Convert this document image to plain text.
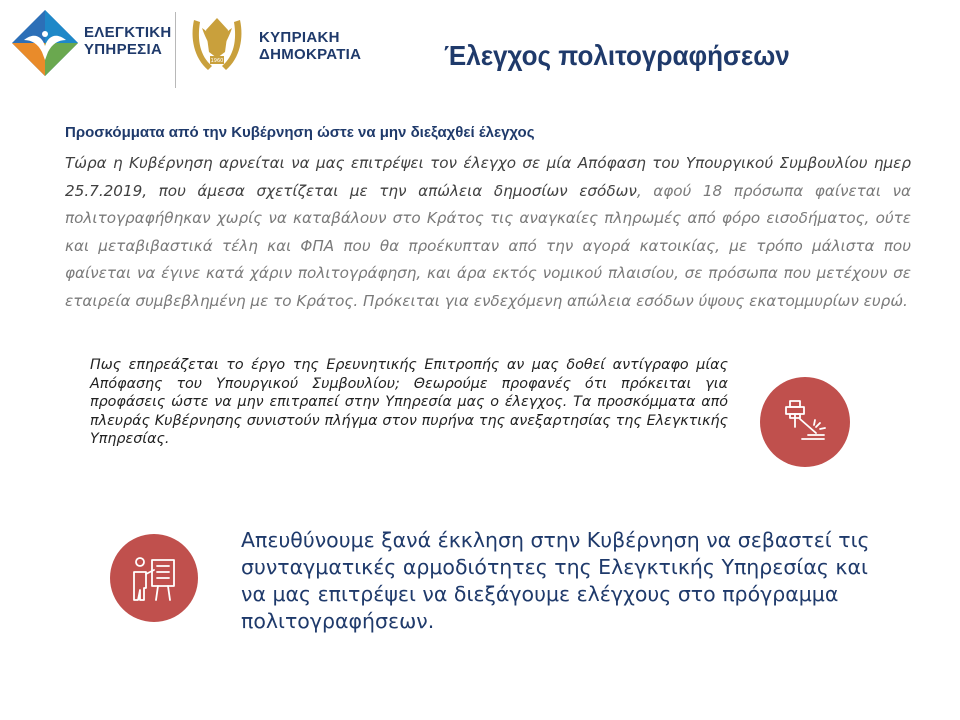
ΕΛΕΓΚΤΙΚΗ
ΥΠΗΡΕΣΙΑ
1960
ΚΥΠΡΙΑΚΗ
ΔΗΜΟΚΡΑΤΙΑ	Έλεγχος πολιτογραφήσεων
Προσκόμματα από την Κυβέρνηση ώστε να μην διεξαχθεί έλεγχος
Τώρα η Κυβέρνηση αρνείται να μας επιτρέψει τον έλεγχο σε μία Απόφαση του Υπουργικού Συμβουλίου ημερ 25.7.2019, που άμεσα σχετίζεται με την απώλεια δημοσίων εσόδων, αφού 18 πρόσωπα φαίνεται να πολιτογραφήθηκαν χωρίς να καταβάλουν στο Κράτος τις αναγκαίες πληρωμές από φόρο εισοδήματος, ούτε και μεταβιβαστικά τέλη και ΦΠΑ που θα προέκυπταν από την αγορά κατοικίας, με τρόπο μάλιστα που φαίνεται να έγινε κατά χάριν πολιτογράφηση, και άρα εκτός νομικού πλαισίου, σε πρόσωπα που μετέχουν σε εταιρεία συμβεβλημένη με το Κράτος. Πρόκειται για ενδεχόμενη απώλεια εσόδων ύψους εκατομμυρίων ευρώ.
Πως επηρεάζεται το έργο της Ερευνητικής Επιτροπής αν μας δοθεί αντίγραφο μίας Απόφασης του Υπουργικού Συμβουλίου; Θεωρούμε προφανές ότι πρόκειται για προφάσεις ώστε να μην επιτραπεί στην Υπηρεσία μας ο έλεγχος. Τα προσκόμματα από πλευράς Κυβέρνησης συνιστούν πλήγμα στον πυρήνα της ανεξαρτησίας της Ελεγκτικής Υπηρεσίας.
Απευθύνουμε ξανά έκκληση στην Κυβέρνηση να σεβαστεί τις
συνταγματικές αρμοδιότητες της Ελεγκτικής Υπηρεσίας και
να μας επιτρέψει να διεξάγουμε ελέγχους στο πρόγραμμα
πολιτογραφήσεων.
